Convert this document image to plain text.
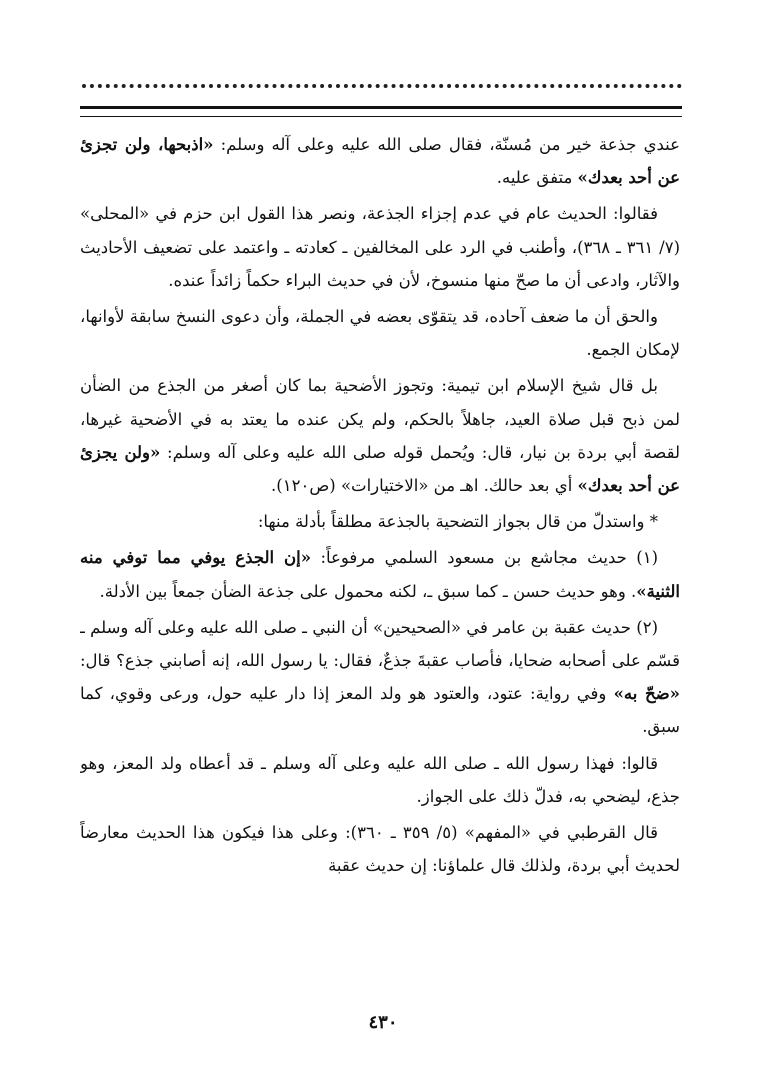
عندي جذعة خير من مُسنّة، فقال صلى الله عليه وعلى آله وسلم: «اذبحها، ولن تجزئ عن أحد بعدك» متفق عليه.

فقالوا: الحديث عام في عدم إجزاء الجذعة، ونصر هذا القول ابن حزم في «المحلى» (٧/ ٣٦١ ـ ٣٦٨)، وأطنب في الرد على المخالفين ـ كعادته ـ واعتمد على تضعيف الأحاديث والآثار، وادعى أن ما صحّ منها منسوخ، لأن في حديث البراء حكماً زائداً عنده.

والحق أن ما ضعف آحاده، قد يتقوّى بعضه في الجملة، وأن دعوى النسخ سابقة لأوانها، لإمكان الجمع.

بل قال شيخ الإسلام ابن تيمية: وتجوز الأضحية بما كان أصغر من الجذع من الضأن لمن ذبح قبل صلاة العيد، جاهلاً بالحكم، ولم يكن عنده ما يعتد به في الأضحية غيرها، لقصة أبي بردة بن نيار، قال: ويُحمل قوله صلى الله عليه وعلى آله وسلم: «ولن يجزئ عن أحد بعدك» أي بعد حالك. اهـ من «الاختيارات» (ص١٢٠).

* واستدلّ من قال بجواز التضحية بالجذعة مطلقاً بأدلة منها:

(١) حديث مجاشع بن مسعود السلمي مرفوعاً: «إن الجذع يوفي مما توفي منه الثنية». وهو حديث حسن ـ كما سبق ـ، لكنه محمول على جذعة الضأن جمعاً بين الأدلة.

(٢) حديث عقبة بن عامر في «الصحيحين» أن النبي ـ صلى الله عليه وعلى آله وسلم ـ قسّم على أصحابه ضحايا، فأصاب عقبةَ جذعٌ، فقال: يا رسول الله، إنه أصابني جذع؟ قال: «ضحّ به» وفي رواية: عتود، والعتود هو ولد المعز إذا دار عليه حول، ورعى وقوي، كما سبق.

قالوا: فهذا رسول الله ـ صلى الله عليه وعلى آله وسلم ـ قد أعطاه ولد المعز، وهو جذع، ليضحي به، فدلّ ذلك على الجواز.

قال القرطبي في «المفهم» (٥/ ٣٥٩ ـ ٣٦٠): وعلى هذا فيكون هذا الحديث معارضاً لحديث أبي بردة، ولذلك قال علماؤنا: إن حديث عقبة

٤٣٠
